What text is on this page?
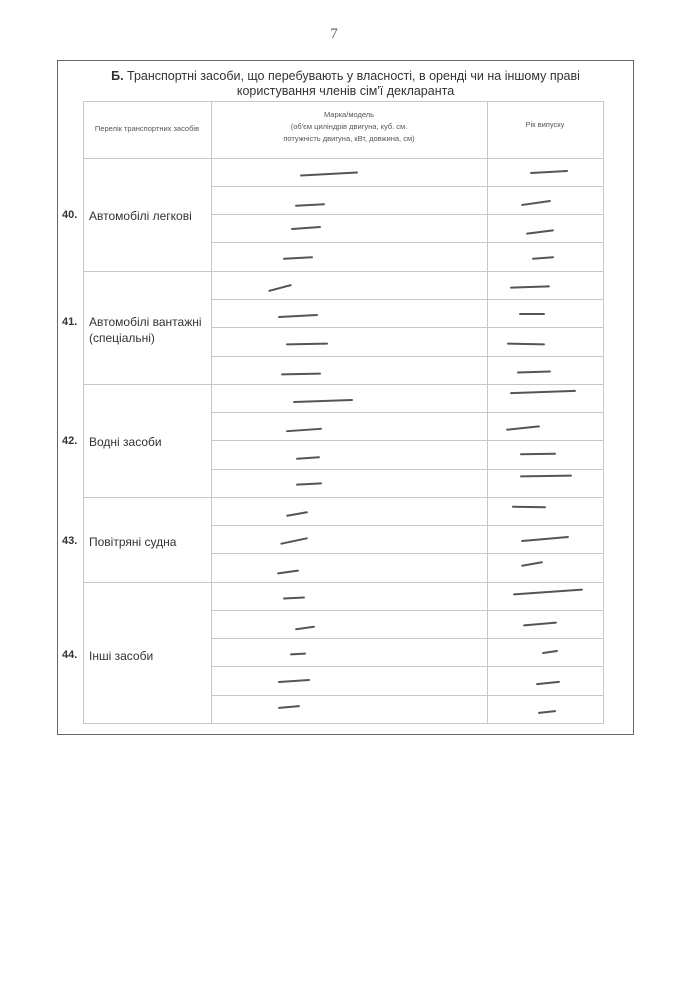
7
Б. Транспортні засоби, що перебувають у власності, в оренді чи на іншому праві
користування членів сім'ї декларанта
Перелік транспортних засобів
Марка/модель
(об'єм циліндрів двигуна, куб. см.
потужність двигуна, кВт, довжина, см)
Рік випуску
40. Автомобілі легкові
41. Автомобілі вантажні
(спеціальні)
42. Водні засоби
43. Повітряні судна
44. Інші засоби
